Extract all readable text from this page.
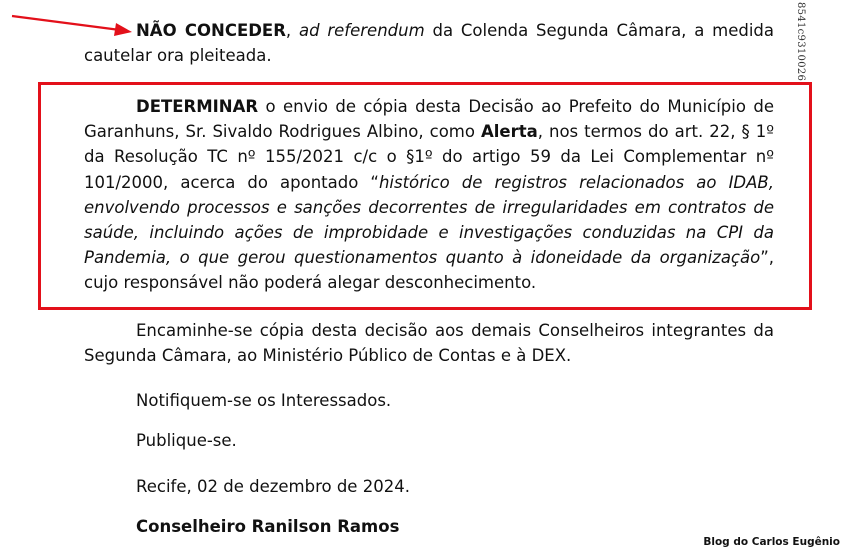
8541c9310026

NÃO CONCEDER, ad referendum da Colenda Segunda Câmara, a medida cautelar ora pleiteada.

DETERMINAR o envio de cópia desta Decisão ao Prefeito do Município de Garanhuns, Sr. Sivaldo Rodrigues Albino, como Alerta, nos termos do art. 22, § 1º da Resolução TC nº 155/2021 c/c o §1º do artigo 59 da Lei Complementar nº 101/2000, acerca do apontado “histórico de registros relacionados ao IDAB, envolvendo processos e sanções decorrentes de irregularidades em contratos de saúde, incluindo ações de improbidade e investigações conduzidas na CPI da Pandemia, o que gerou questionamentos quanto à idoneidade da organização”, cujo responsável não poderá alegar desconhecimento.

Encaminhe-se cópia desta decisão aos demais Conselheiros integrantes da Segunda Câmara, ao Ministério Público de Contas e à DEX.

Notifiquem-se os Interessados.

Publique-se.

Recife, 02 de dezembro de 2024.

Conselheiro Ranilson Ramos

Blog do Carlos Eugênio
